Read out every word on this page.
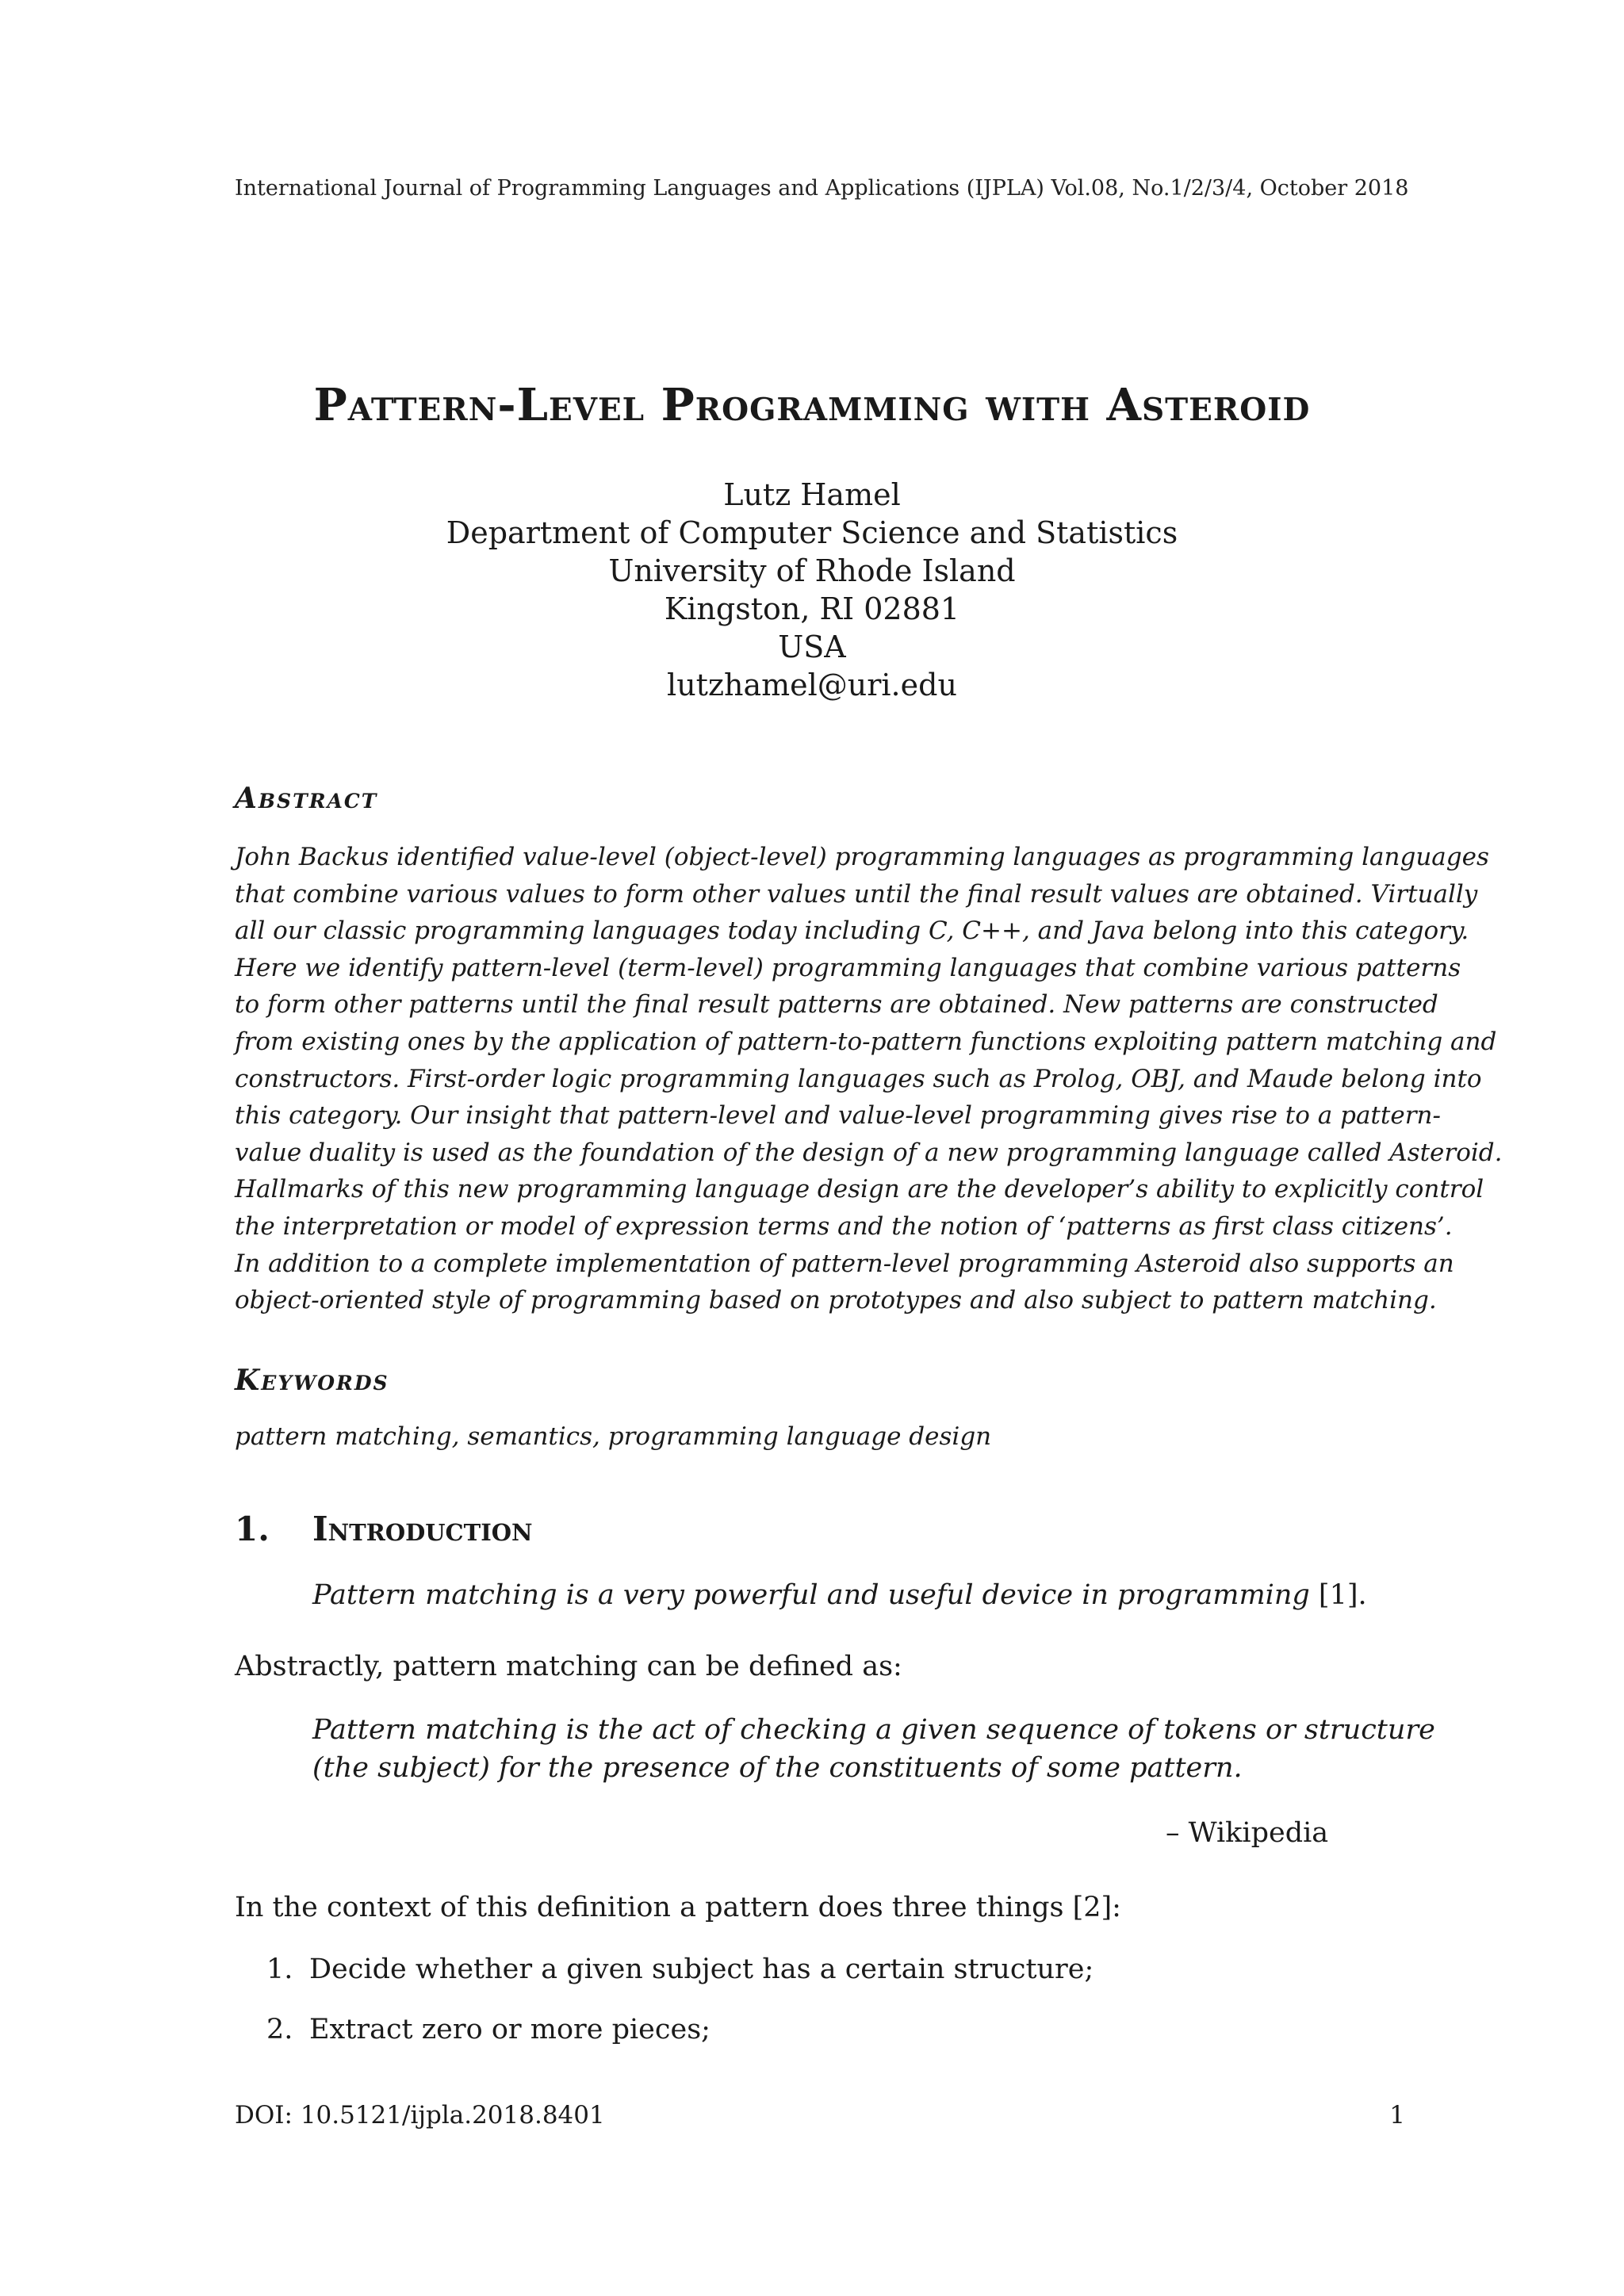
International Journal of Programming Languages and Applications (IJPLA) Vol.08, No.1/2/3/4, October 2018
Pattern-Level Programming with Asteroid
Lutz Hamel
Department of Computer Science and Statistics
University of Rhode Island
Kingston, RI 02881
USA
lutzhamel@uri.edu
Abstract
John Backus identified value-level (object-level) programming languages as programming languages
that combine various values to form other values until the final result values are obtained. Virtually
all our classic programming languages today including C, C++, and Java belong into this category.
Here we identify pattern-level (term-level) programming languages that combine various patterns
to form other patterns until the final result patterns are obtained. New patterns are constructed
from existing ones by the application of pattern-to-pattern functions exploiting pattern matching and
constructors. First-order logic programming languages such as Prolog, OBJ, and Maude belong into
this category. Our insight that pattern-level and value-level programming gives rise to a pattern-
value duality is used as the foundation of the design of a new programming language called Asteroid.
Hallmarks of this new programming language design are the developer’s ability to explicitly control
the interpretation or model of expression terms and the notion of ‘patterns as first class citizens’.
In addition to a complete implementation of pattern-level programming Asteroid also supports an
object-oriented style of programming based on prototypes and also subject to pattern matching.
Keywords
pattern matching, semantics, programming language design
1. Introduction
Pattern matching is a very powerful and useful device in programming [1].
Abstractly, pattern matching can be defined as:
Pattern matching is the act of checking a given sequence of tokens or structure
(the subject) for the presence of the constituents of some pattern.
– Wikipedia
In the context of this definition a pattern does three things [2]:
1. Decide whether a given subject has a certain structure;
2. Extract zero or more pieces;
DOI: 10.5121/ijpla.2018.8401	1
